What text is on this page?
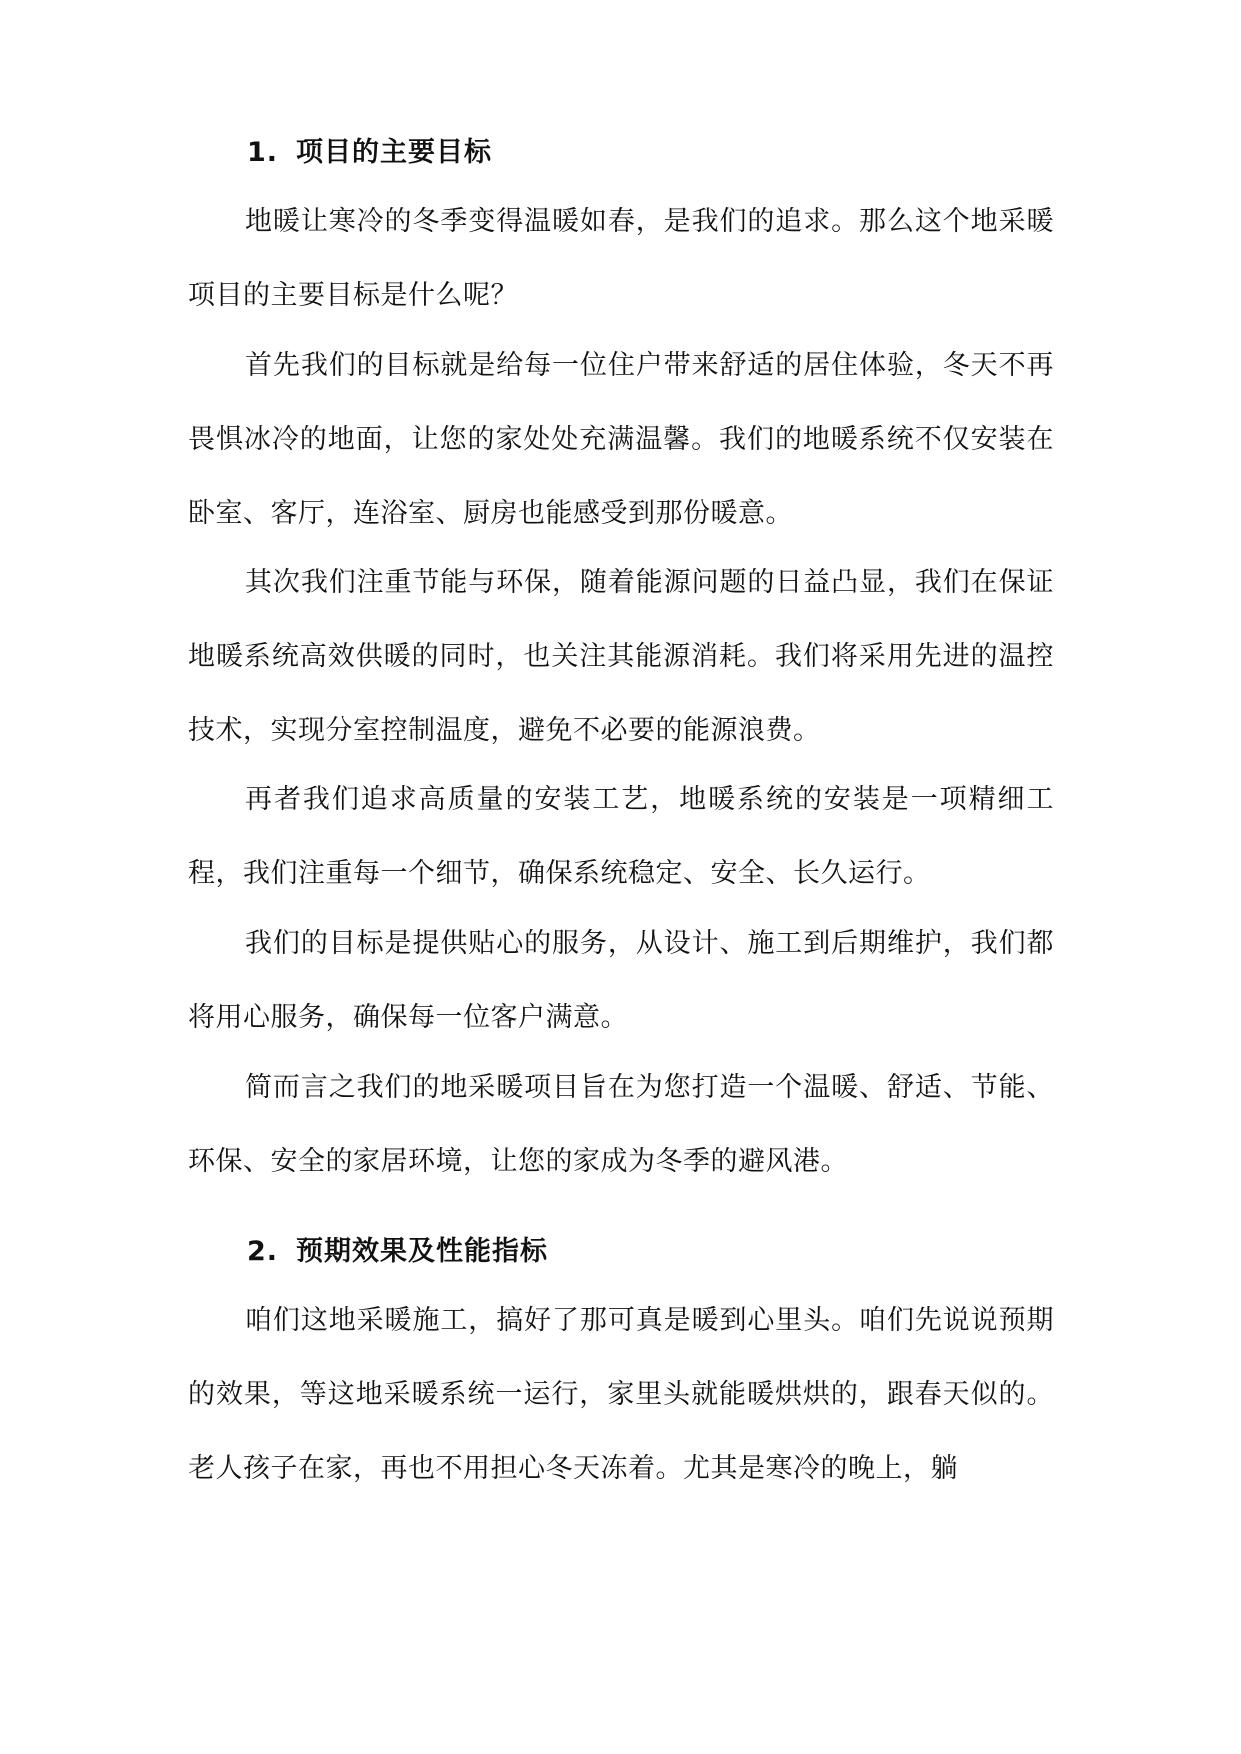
1. 项目的主要目标

地暖让寒冷的冬季变得温暖如春，是我们的追求。那么这个地采暖项目的主要目标是什么呢？

首先我们的目标就是给每一位住户带来舒适的居住体验，冬天不再畏惧冰冷的地面，让您的家处处充满温馨。我们的地暖系统不仅安装在卧室、客厅，连浴室、厨房也能感受到那份暖意。

其次我们注重节能与环保，随着能源问题的日益凸显，我们在保证地暖系统高效供暖的同时，也关注其能源消耗。我们将采用先进的温控技术，实现分室控制温度，避免不必要的能源浪费。

再者我们追求高质量的安装工艺，地暖系统的安装是一项精细工程，我们注重每一个细节，确保系统稳定、安全、长久运行。

我们的目标是提供贴心的服务，从设计、施工到后期维护，我们都将用心服务，确保每一位客户满意。

简而言之我们的地采暖项目旨在为您打造一个温暖、舒适、节能、环保、安全的家居环境，让您的家成为冬季的避风港。

2. 预期效果及性能指标

咱们这地采暖施工，搞好了那可真是暖到心里头。咱们先说说预期的效果，等这地采暖系统一运行，家里头就能暖烘烘的，跟春天似的。老人孩子在家，再也不用担心冬天冻着。尤其是寒冷的晚上，躺
